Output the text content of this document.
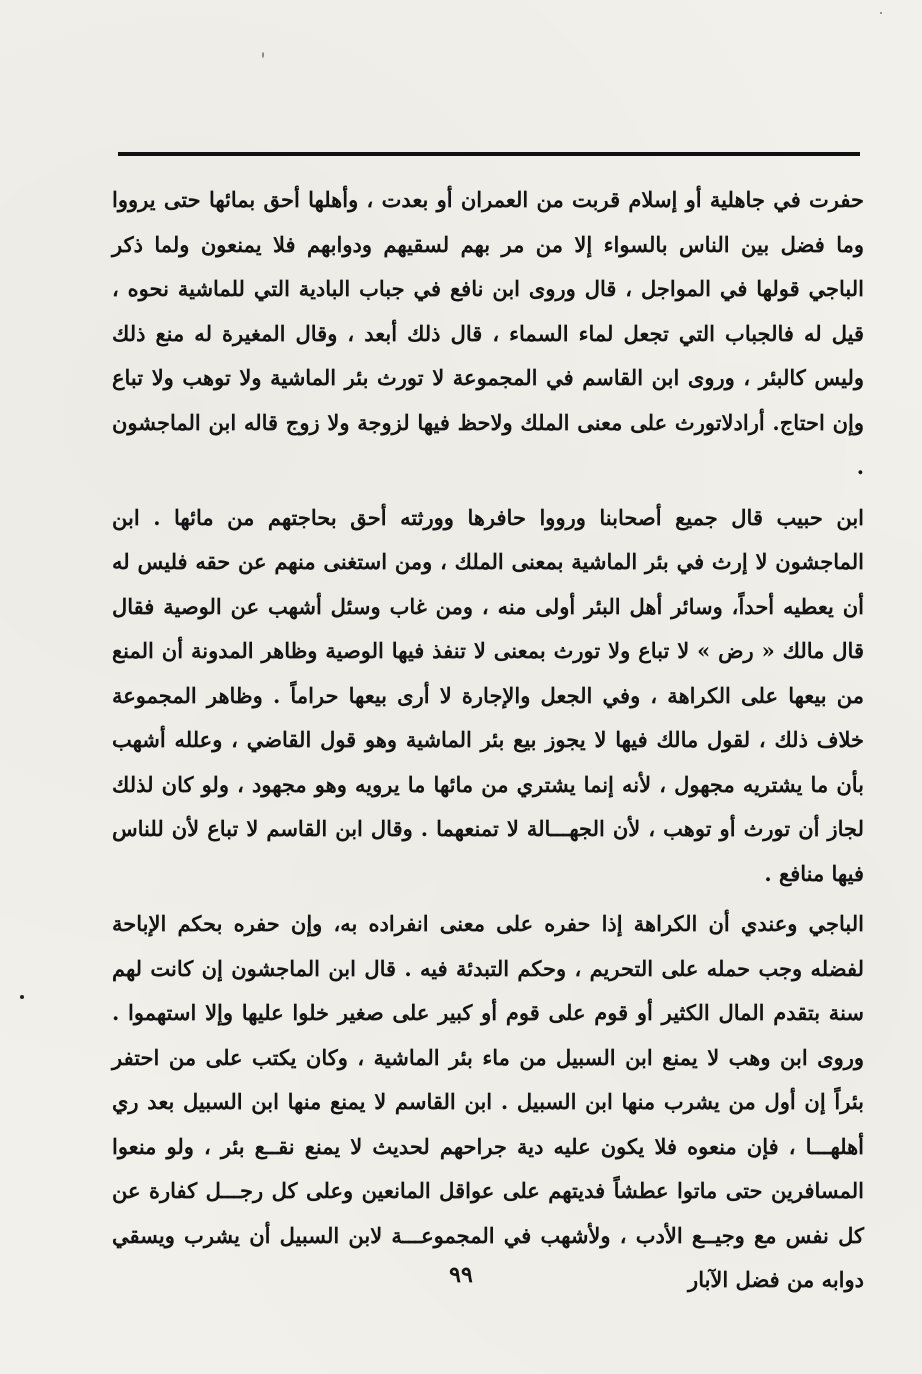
حفرت في جاهلية أو إسلام قربت من العمران أو بعدت ، وأهلها أحق بمائها حتى يرووا وما فضل بين الناس بالسواء إلا من مر بهم لسقيهم ودوابهم فلا يمنعون ولما ذكر الباجي قولها في المواجل ، قال وروى ابن نافع في جباب البادية التي للماشية نحوه ، قيل له فالجباب التي تجعل لماء السماء ، قال ذلك أبعد ، وقال المغيرة له منع ذلك وليس كالبئر ، وروى ابن القاسم في المجموعة لا تورث بئر الماشية ولا توهب ولا تباع وإن احتاج. أرادلاتورث على معنى الملك ولاحظ فيها لزوجة ولا زوج قاله ابن الماجشون .

ابن حبيب قال جميع أصحابنا ورووا حافرها وورثته أحق بحاجتهم من مائها . ابن الماجشون لا إرث في بئر الماشية بمعنى الملك ، ومن استغنى منهم عن حقه فليس له أن يعطيه أحداً، وسائر أهل البئر أولى منه ، ومن غاب وسئل أشهب عن الوصية فقال قال مالك « رض » لا تباع ولا تورث بمعنى لا تنفذ فيها الوصية وظاهر المدونة أن المنع من بيعها على الكراهة ، وفي الجعل والإجارة لا أرى بيعها حراماً . وظاهر المجموعة خلاف ذلك ، لقول مالك فيها لا يجوز بيع بئر الماشية وهو قول القاضي ، وعلله أشهب بأن ما يشتريه مجهول ، لأنه إنما يشتري من مائها ما يرويه وهو مجهود ، ولو كان لذلك لجاز أن تورث أو توهب ، لأن الجهـــالة لا تمنعهما . وقال ابن القاسم لا تباع لأن للناس فيها منافع .

الباجي وعندي أن الكراهة إذا حفره على معنى انفراده به، وإن حفره بحكم الإباحة لفضله وجب حمله على التحريم ، وحكم التبدئة فيه . قال ابن الماجشون إن كانت لهم سنة بتقدم المال الكثير أو قوم على قوم أو كبير على صغير خلوا عليها وإلا استهموا . وروى ابن وهب لا يمنع ابن السبيل من ماء بئر الماشية ، وكان يكتب على من احتفر بئراً إن أول من يشرب منها ابن السبيل . ابن القاسم لا يمنع منها ابن السبيل بعد ري أهلهـــا ، فإن منعوه فلا يكون عليه دية جراحهم لحديث لا يمنع نقــع بئر ، ولو منعوا المسافرين حتى ماتوا عطشاً فديتهم على عواقل المانعين وعلى كل رجـــل كفارة عن كل نفس مع وجيــع الأدب ، ولأشهب في المجموعـــة لابن السبيل أن يشرب ويسقي دوابه من فضل الآبار

٩٩
